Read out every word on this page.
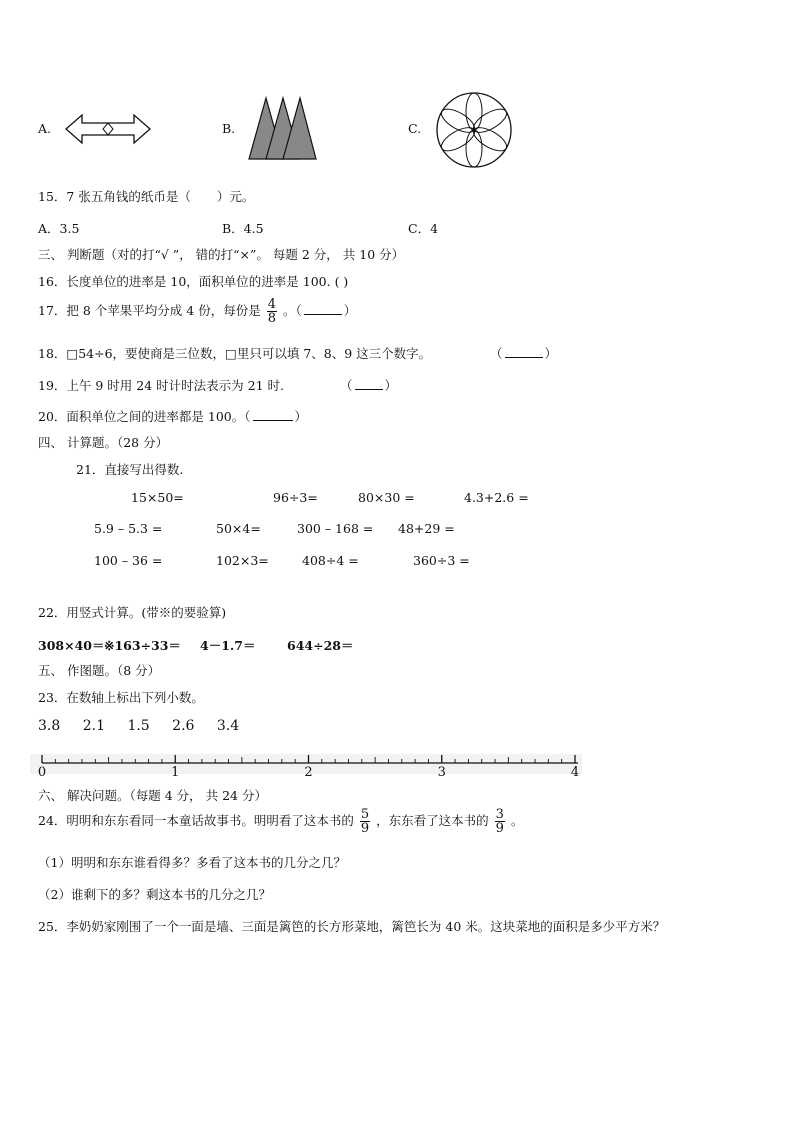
A.	B.	C.
15．7 张五角钱的纸币是（ ）元。
A．3.5	B．4.5	C．4
三、 判断题（对的打“√ ”， 错的打“×”。 每题 2 分， 共 10 分）
16．长度单位的进率是 10，面积单位的进率是 100. ( )
17．把 8 个苹果平均分成 4 份，每份是 $\frac{4}{8}$ 。（	）
18．□54÷6，要使商是三位数，□里只可以填 7、8、9 这三个数字。	（	）
19．上午 9 时用 24 时计时法表示为 21 时.	（	）
20．面积单位之间的进率都是 100。（	）
四、 计算题。（28 分）
21．直接写出得数.
15×50=	96÷3=	80×30 =	4.3+2.6 =
5.9 – 5.3 =	50×4=	300 – 168 = 48+29 =
100 – 36 =	102×3=	408÷4 =	360÷3 =
22．用竖式计算。(带※的要验算)
308×40＝ ※163÷33＝ 4－1.7＝	644÷28＝
五、 作图题。（8 分）
23．在数轴上标出下列小数。
3.8 2.1 1.5 2.6 3.4
0	1	2	3	4
六、 解决问题。（每题 4 分， 共 24 分）
24．明明和东东看同一本童话故事书。明明看了这本书的 $\frac{5}{9}$ ，东东看了这本书的 $\frac{3}{9}$ 。
（1）明明和东东谁看得多？多看了这本书的几分之几？
（2）谁剩下的多？剩这本书的几分之几？
25．李奶奶家刚围了一个一面是墙、三面是篱笆的长方形菜地，篱笆长为 40 米。这块菜地的面积是多少平方米？
